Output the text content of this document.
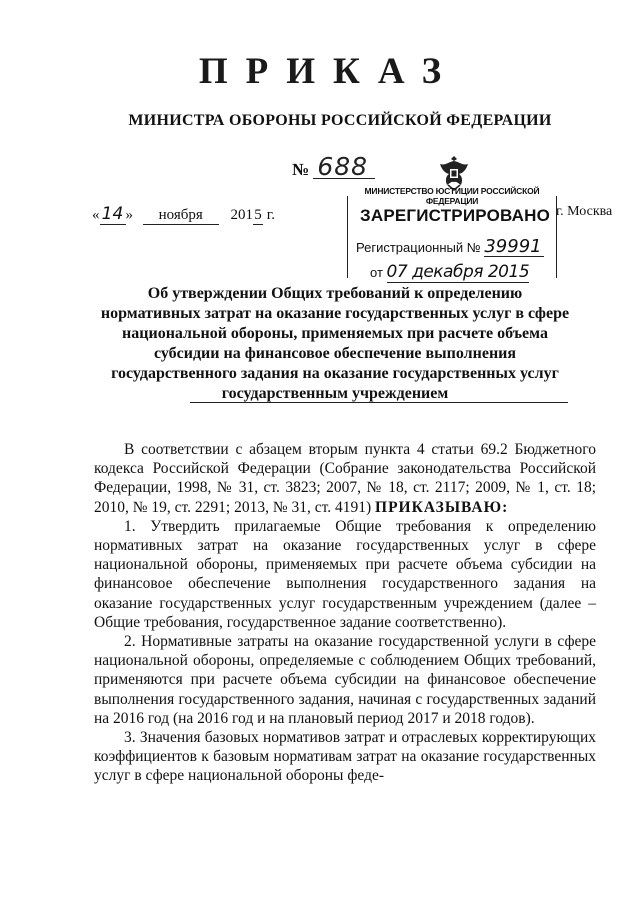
ПРИКАЗ
МИНИСТРА ОБОРОНЫ РОССИЙСКОЙ ФЕДЕРАЦИИ
№ 688
« 14 » ноября 2015 г.	г. Москва
МИНИСТЕРСТВО ЮСТИЦИИ РОССИЙСКОЙ ФЕДЕРАЦИИ
ЗАРЕГИСТРИРОВАНО
Регистрационный № 39991
от 07 декабря 2015
Об утверждении Общих требований к определению нормативных затрат на оказание государственных услуг в сфере национальной обороны, применяемых при расчете объема субсидии на финансовое обеспечение выполнения государственного задания на оказание государственных услуг государственным учреждением

В соответствии с абзацем вторым пункта 4 статьи 69.2 Бюджетного кодекса Российской Федерации (Собрание законодательства Российской Федерации, 1998, № 31, ст. 3823; 2007, № 18, ст. 2117; 2009, № 1, ст. 18; 2010, № 19, ст. 2291; 2013, № 31, ст. 4191) ПРИКАЗЫВАЮ:

1. Утвердить прилагаемые Общие требования к определению нормативных затрат на оказание государственных услуг в сфере национальной обороны, применяемых при расчете объема субсидии на финансовое обеспечение выполнения государственного задания на оказание государственных услуг государственным учреждением (далее – Общие требования, государственное задание соответственно).

2. Нормативные затраты на оказание государственной услуги в сфере национальной обороны, определяемые с соблюдением Общих требований, применяются при расчете объема субсидии на финансовое обеспечение выполнения государственного задания, начиная с государственных заданий на 2016 год (на 2016 год и на плановый период 2017 и 2018 годов).

3. Значения базовых нормативов затрат и отраслевых корректирующих коэффициентов к базовым нормативам затрат на оказание государственных услуг в сфере национальной обороны феде-
